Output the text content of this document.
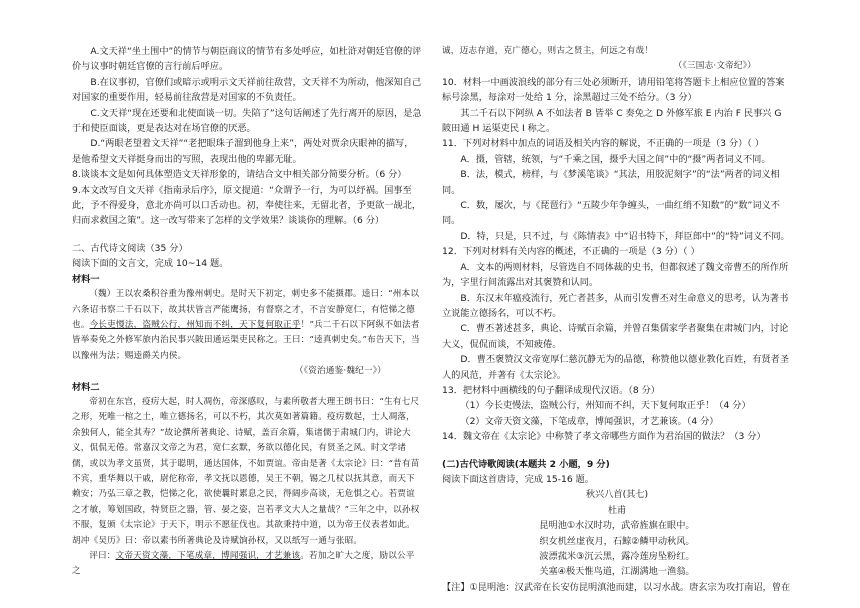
A.文天祥“坐土围中”的情节与朝臣商议的情节有多处呼应，如杜浒对朝廷官僚的评价与议事时朝廷官僚的言行前后呼应。

B.在议事初，官僚们或暗示或明示文天祥前往敌营，文天祥不为所动，他深知自己对国家的重要作用，轻易前往敌营是对国家的不负责任。

C.文天祥“现在还要和北使面谈一切。失陪了”这句话阐述了先行离开的原因，是急于和使臣面谈，更是表达对在场官僚的厌恶。

D.“两眼老望着文天祥”“老把眼珠子溜到他身上来”，两处对贾余庆眼神的描写，是他希望文天祥挺身而出的写照，表现出他的卑鄙无耻。

8.谈谈本文是如何具体塑造文天祥形象的，请结合文中相关部分简要分析。（6 分）

9.本文改写自文天祥《指南录后序》，原文提道：“众谓予一行，为可以纾祸。国事至此，予不得爱身，意北亦尚可以口舌动也。初，奉使往来，无留北者，予更欲一觇北，归而求救国之策”。这一改写带来了怎样的文学效果？谈谈你的理解。（6 分）

二、古代诗文阅读（35 分）

阅读下面的文言文，完成 10~14 题。

材料一

（魏）王以农桑积谷重为豫州刺史。是时天下初定，刺史多不能摄郡。逵曰：“州本以六条诏书察二千石以下，故其状皆言严能鹰扬，有督察之才，不言安静宽仁，有恺悌之德也。今长吏慢法，盗贼公行，州知而不纠，天下复何取正乎！”兵二千石以下阿纵不如法者皆举奏免之外修军旅内治民事兴陂田通运渠吏民称之。王曰：“逵真刺史矣。”布告天下，当以豫州为法；赐逵爵关内侯。

（《资治通鉴·魏纪一》）

材料二

帝初在东宫，疫疠大起，时人凋伤，帝深感叹，与素所敬者大理王朗书曰：“生有七尺之形，死唯一棺之土，唯立德扬名，可以不朽，其次莫如著篇籍。疫疠数起，士人凋落，余独何人，能全其寿？”故论撰所著典论、诗赋，盖百余篇，集诸儒于肃城门内，讲论大义，侃侃无倦。常嘉汉文帝之为君，宽仁玄默，务欲以德化民，有贤圣之风。时文学诸儒，或以为孝文虽贤，其于聪明，通达国体，不如贾谊。帝由是著《太宗论》曰：“昔有苗不宾，重华舞以干戚，尉佗称帝，孝文抚以恩德，吴王不朝，锡之几杖以抚其意，而天下赖安；乃弘三章之教，恺悌之化，欲使曩时累息之民，得阔步高谈，无危惧之心。若贾谊之才敏，筹划国政，特贤臣之器，管、晏之姿，岂若孝文大人之量哉？”三年之中，以孙权不服，复颁《太宗论》于天下，明示不愿征伐也。其欲秉持中道，以为帝王仪表者如此。胡冲《吴历》曰：帝以素书所著典论及诗赋饷孙权，又以纸写一通与张昭。

评曰：文帝天资文藻，下笔成章，博闻强识，才艺兼该。若加之旷大之度，励以公平之

诚，迈志存道，克广德心，则古之贤主，何远之有哉！

（《三国志·文帝纪》）

10．材料一中画波浪线的部分有三处必须断开，请用铅笔将答题卡上相应位置的答案标号涂黑，每涂对一处给 1 分，涂黑超过三处不给分。（3 分）

其二千石以下阿纵 A 不如法者 B 皆举 C 奏免之 D 外修军旅 E 内治 F 民事兴 G 陂田通 H 运渠吏民 I 称之。

11．下列对材料中加点的词语及相关内容的解说，不正确的一项是（3 分）（ ）

A．摄，管辖，统领，与“千乘之国，摄乎大国之间”中的“摄”两者词义不同。

B．法，模式，榜样，与《梦溪笔谈》“其法，用胶泥刻字”的“法”两者的词义相同。

C．数，屡次，与《琵琶行》“五陵少年争缠头，一曲红绡不知数”的“数”词义不同。

D．特，只是，只不过，与《陈情表》中“诏书特下，拜臣郎中”的“特”词义不同。

12．下列对材料有关内容的概述，不正确的一项是（3 分）（ ）

A．文本的两则材料，尽管选自不同体裁的史书，但都叙述了魏文帝曹丕的所作所为，字里行间流露出对其褒赞和认同。

B．东汉末年瘟疫流行，死亡者甚多，从而引发曹丕对生命意义的思考，认为著书立说能立德扬名，可以不朽。

C．曹丕著述甚多，典论、诗赋百余篇，并曾召集儒家学者聚集在肃城门内，讨论大义，侃侃而谈，不知疲倦。

D．曹丕褒赞汉文帝宽厚仁慈沉静无为的品德，称赞他以德业教化百姓，有贤者圣人的风范，并著有《太宗论》。

13．把材料中画横线的句子翻译成现代汉语。（8 分）

（1）今长吏慢法，盗贼公行，州知而不纠，天下复何取正乎！（4 分）

（2）文帝天资文藻，下笔成章，博闻强识，才艺兼该。（4 分）

14．魏文帝在《太宗论》中称赞了孝文帝哪些方面作为君治国的做法？（3 分）

(二)古代诗歌阅读(本题共 2 小题，9 分)

阅读下面这首唐诗，完成 15-16 题。

秋兴八首(其七)

杜甫

昆明池①水汉时功，武帝旌旗在眼中。

织女机丝虚夜月，石鲸②鳞甲动秋风。

波漂菰米③沉云黑，露冷莲房坠粉红。

关塞④极天惟鸟道，江湖满地一渔翁。

【注】①昆明池：汉武帝在长安仿昆明滇池而建，以习水战。唐玄宗为攻打南诏，曾在
